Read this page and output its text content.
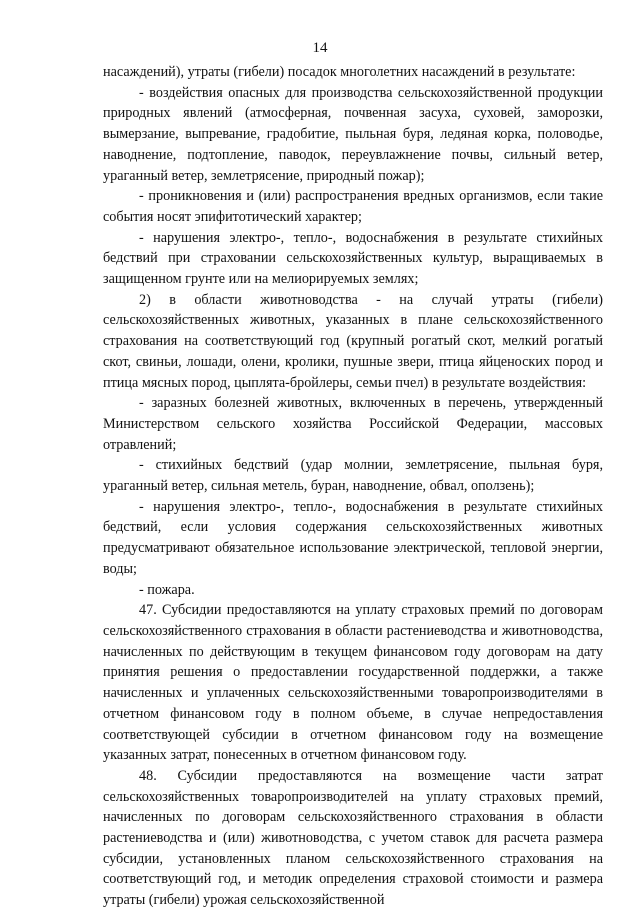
14

насаждений), утраты (гибели) посадок многолетних насаждений в результате:

- воздействия опасных для производства сельскохозяйственной продукции природных явлений (атмосферная, почвенная засуха, суховей, заморозки, вымерзание, выпревание, градобитие, пыльная буря, ледяная корка, половодье, наводнение, подтопление, паводок, переувлажнение почвы, сильный ветер, ураганный ветер, землетрясение, природный пожар);

- проникновения и (или) распространения вредных организмов, если такие события носят эпифитотический характер;

- нарушения электро-, тепло-, водоснабжения в результате стихийных бедствий при страховании сельскохозяйственных культур, выращиваемых в защищенном грунте или на мелиорируемых землях;

2) в области животноводства - на случай утраты (гибели) сельскохозяйственных животных, указанных в плане сельскохозяйственного страхования на соответствующий год (крупный рогатый скот, мелкий рогатый скот, свиньи, лошади, олени, кролики, пушные звери, птица яйценоских пород и птица мясных пород, цыплята-бройлеры, семьи пчел) в результате воздействия:

- заразных болезней животных, включенных в перечень, утвержденный Министерством сельского хозяйства Российской Федерации, массовых отравлений;

- стихийных бедствий (удар молнии, землетрясение, пыльная буря, ураганный ветер, сильная метель, буран, наводнение, обвал, оползень);

- нарушения электро-, тепло-, водоснабжения в результате стихийных бедствий, если условия содержания сельскохозяйственных животных предусматривают обязательное использование электрической, тепловой энергии, воды;

- пожара.

47. Субсидии предоставляются на уплату страховых премий по договорам сельскохозяйственного страхования в области растениеводства и животноводства, начисленных по действующим в текущем финансовом году договорам на дату принятия решения о предоставлении государственной поддержки, а также начисленных и уплаченных сельскохозяйственными товаропроизводителями в отчетном финансовом году в полном объеме, в случае непредоставления соответствующей субсидии в отчетном финансовом году на возмещение указанных затрат, понесенных в отчетном финансовом году.

48. Субсидии предоставляются на возмещение части затрат сельскохозяйственных товаропроизводителей на уплату страховых премий, начисленных по договорам сельскохозяйственного страхования в области растениеводства и (или) животноводства, с учетом ставок для расчета размера субсидии, установленных планом сельскохозяйственного страхования на соответствующий год, и методик определения страховой стоимости и размера утраты (гибели) урожая сельскохозяйственной
